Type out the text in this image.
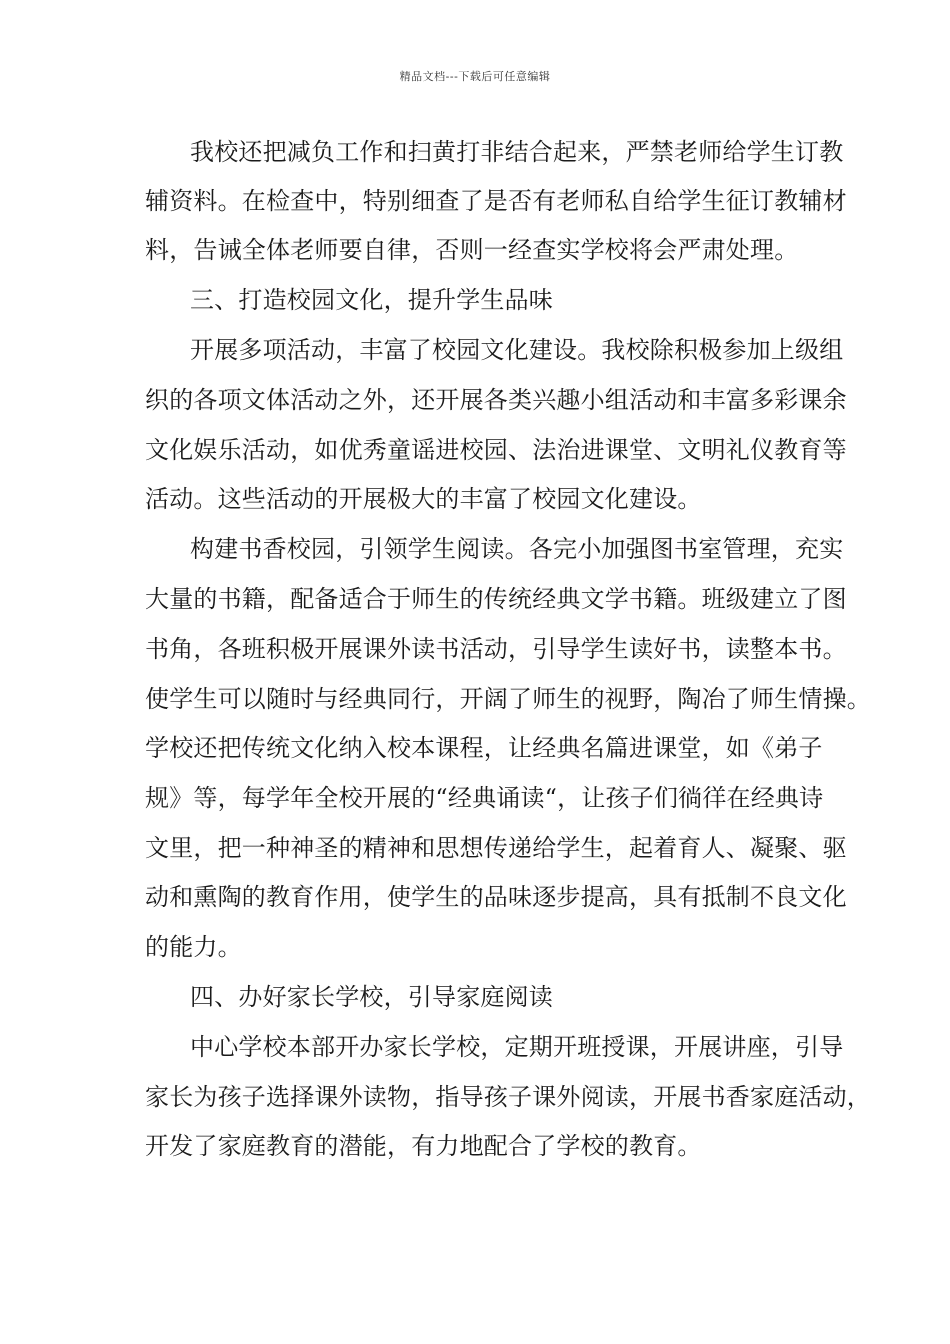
精品文档---下载后可任意编辑
我校还把减负工作和扫黄打非结合起来，严禁老师给学生订教
辅资料。在检查中，特别细查了是否有老师私自给学生征订教辅材
料，告诫全体老师要自律，否则一经查实学校将会严肃处理。
三、打造校园文化，提升学生品味
开展多项活动，丰富了校园文化建设。我校除积极参加上级组
织的各项文体活动之外，还开展各类兴趣小组活动和丰富多彩课余
文化娱乐活动，如优秀童谣进校园、法治进课堂、文明礼仪教育等
活动。这些活动的开展极大的丰富了校园文化建设。
构建书香校园，引领学生阅读。各完小加强图书室管理，充实
大量的书籍，配备适合于师生的传统经典文学书籍。班级建立了图
书角，各班积极开展课外读书活动，引导学生读好书，读整本书。
使学生可以随时与经典同行，开阔了师生的视野，陶冶了师生情操。
学校还把传统文化纳入校本课程，让经典名篇进课堂，如《弟子
规》等，每学年全校开展的“经典诵读“，让孩子们徜徉在经典诗
文里，把一种神圣的精神和思想传递给学生，起着育人、凝聚、驱
动和熏陶的教育作用，使学生的品味逐步提高，具有抵制不良文化
的能力。
四、办好家长学校，引导家庭阅读
中心学校本部开办家长学校，定期开班授课，开展讲座，引导
家长为孩子选择课外读物，指导孩子课外阅读，开展书香家庭活动，
开发了家庭教育的潜能，有力地配合了学校的教育。
